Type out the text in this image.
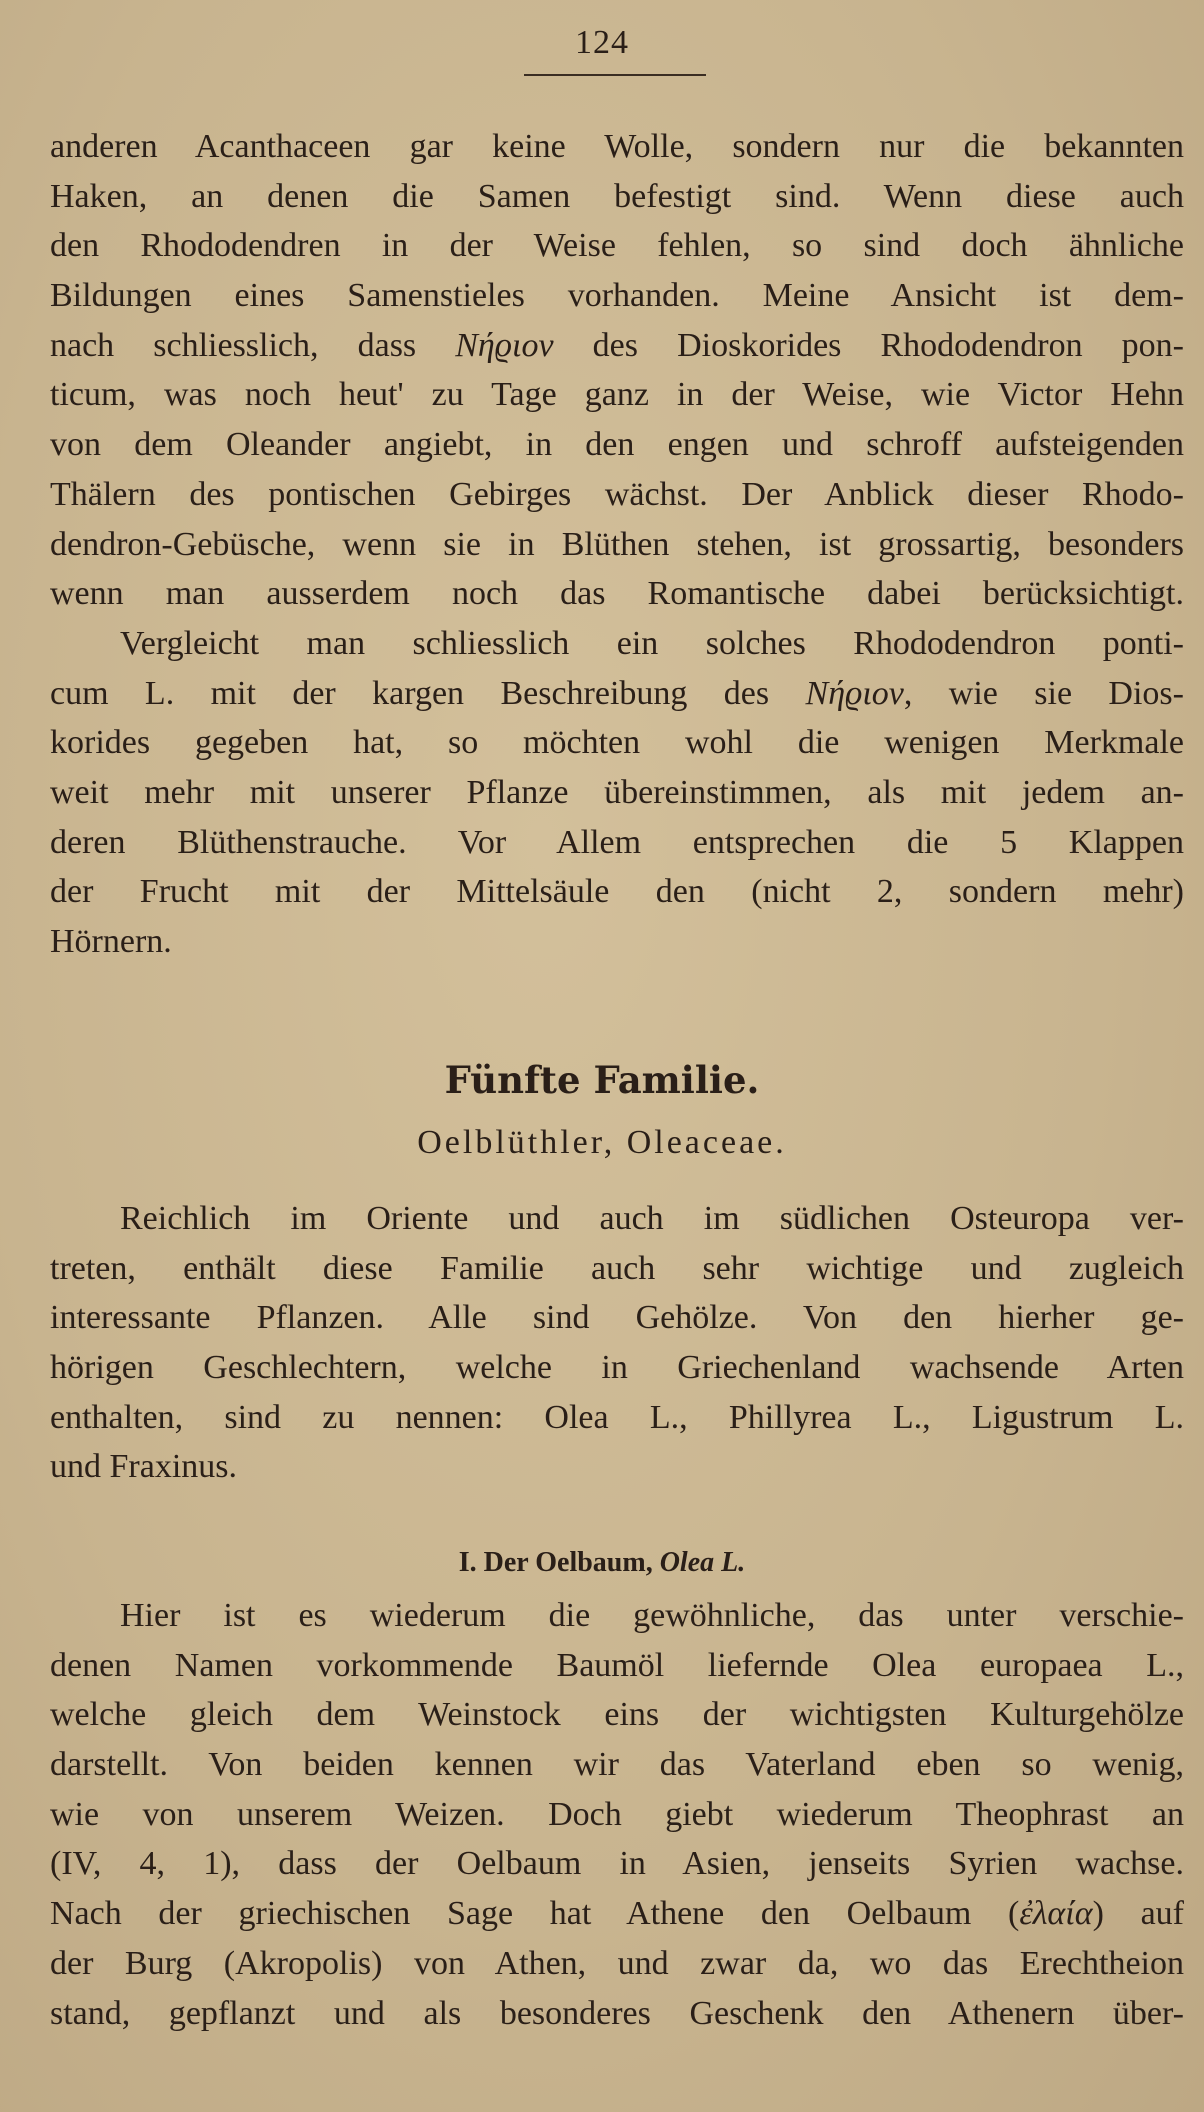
124
anderen Acanthaceen gar keine Wolle, sondern nur die bekannten
Haken, an denen die Samen befestigt sind. Wenn diese auch
den Rhododendren in der Weise fehlen, so sind doch ähnliche
Bildungen eines Samenstieles vorhanden. Meine Ansicht ist dem-
nach schliesslich, dass Νήϱιον des Dioskorides Rhododendron pon-
ticum, was noch heut' zu Tage ganz in der Weise, wie Victor Hehn
von dem Oleander angiebt, in den engen und schroff aufsteigenden
Thälern des pontischen Gebirges wächst. Der Anblick dieser Rhodo-
dendron-Gebüsche, wenn sie in Blüthen stehen, ist grossartig, besonders
wenn man ausserdem noch das Romantische dabei berücksichtigt.
Vergleicht man schliesslich ein solches Rhododendron ponti-
cum L. mit der kargen Beschreibung des Νήϱιον, wie sie Dios-
korides gegeben hat, so möchten wohl die wenigen Merkmale
weit mehr mit unserer Pflanze übereinstimmen, als mit jedem an-
deren Blüthenstrauche. Vor Allem entsprechen die 5 Klappen
der Frucht mit der Mittelsäule den (nicht 2, sondern mehr)
Hörnern.
Fünfte Familie.
Oelblüthler, Oleaceae.
Reichlich im Oriente und auch im südlichen Osteuropa ver-
treten, enthält diese Familie auch sehr wichtige und zugleich
interessante Pflanzen. Alle sind Gehölze. Von den hierher ge-
hörigen Geschlechtern, welche in Griechenland wachsende Arten
enthalten, sind zu nennen: Olea L., Phillyrea L., Ligustrum L.
und Fraxinus.
I. Der Oelbaum, Olea L.
Hier ist es wiederum die gewöhnliche, das unter verschie-
denen Namen vorkommende Baumöl liefernde Olea europaea L.,
welche gleich dem Weinstock eins der wichtigsten Kulturgehölze
darstellt. Von beiden kennen wir das Vaterland eben so wenig,
wie von unserem Weizen. Doch giebt wiederum Theophrast an
(IV, 4, 1), dass der Oelbaum in Asien, jenseits Syrien wachse.
Nach der griechischen Sage hat Athene den Oelbaum (ἐλαία) auf
der Burg (Akropolis) von Athen, und zwar da, wo das Erechtheion
stand, gepflanzt und als besonderes Geschenk den Athenern über-
